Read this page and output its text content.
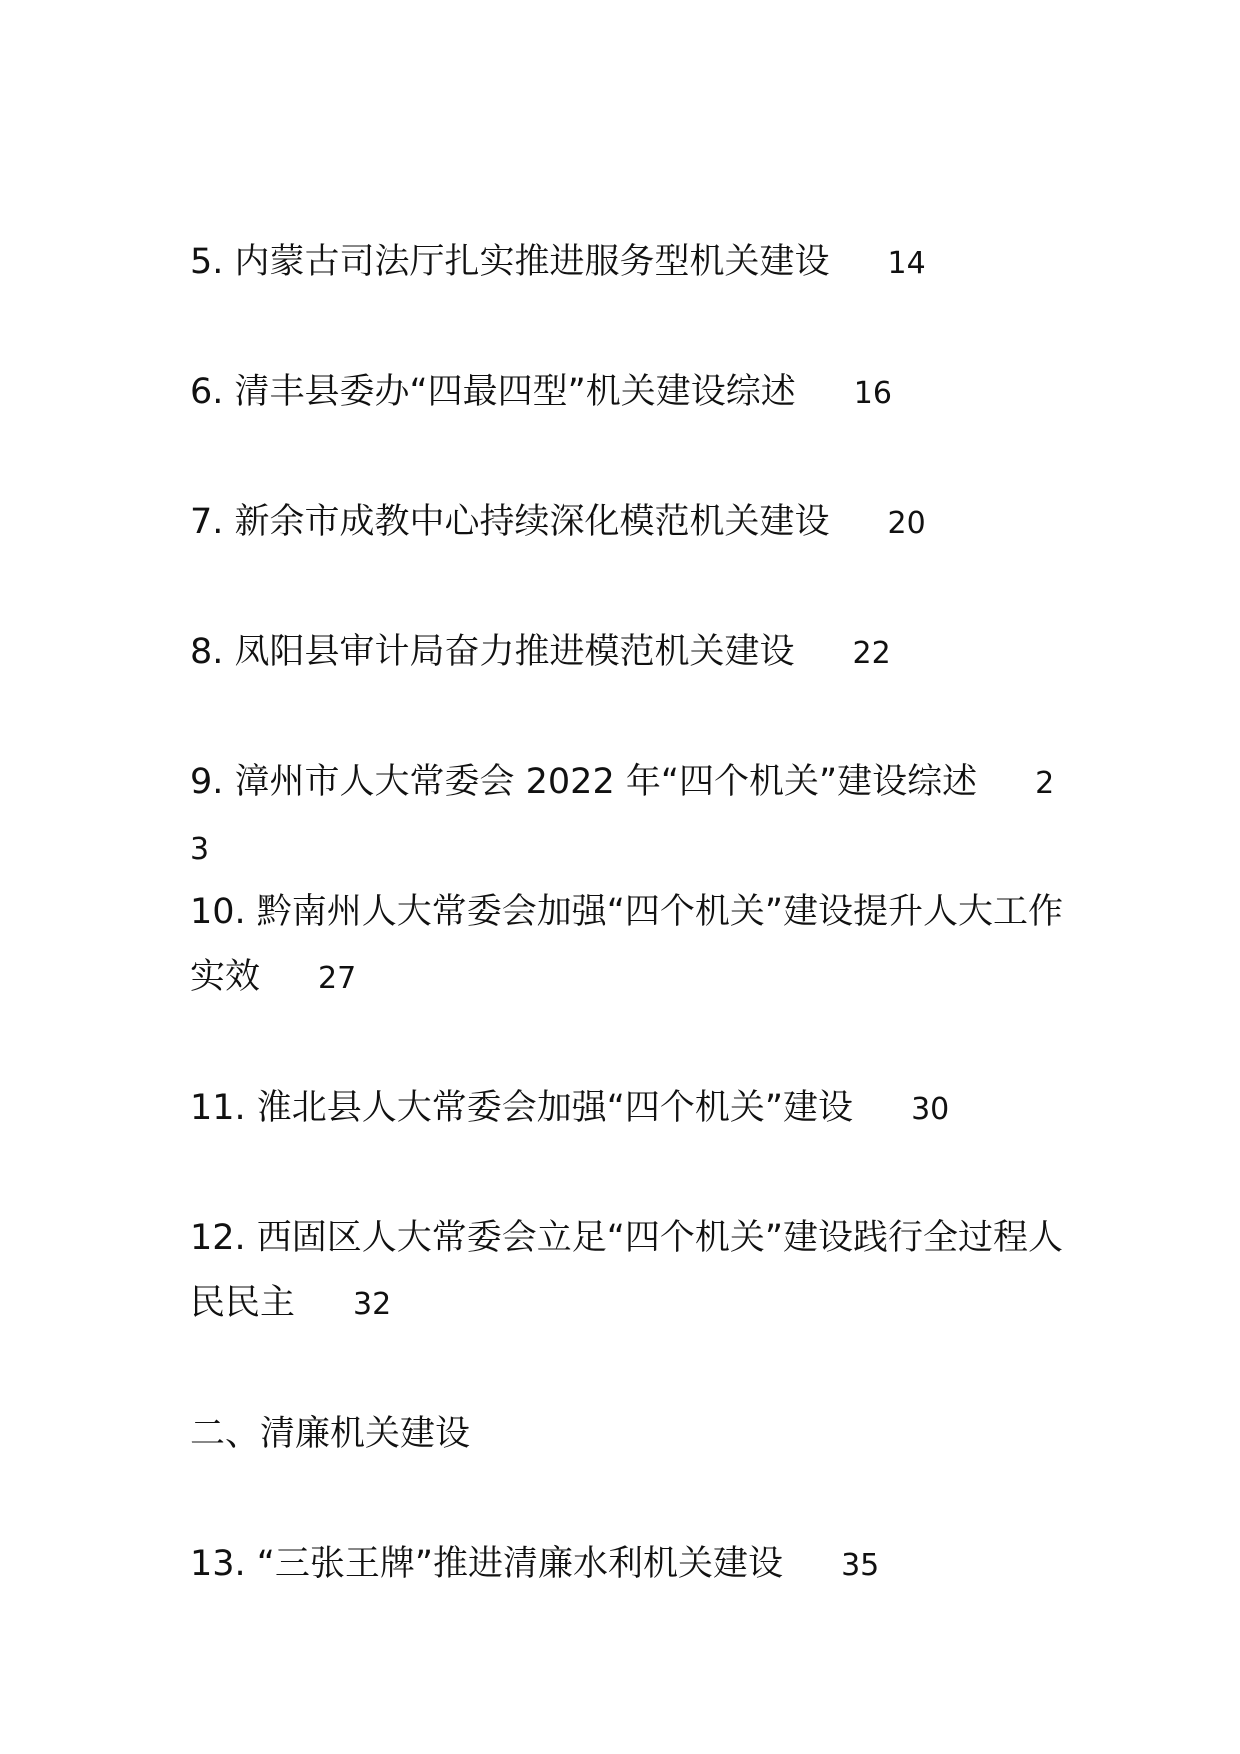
5. 内蒙古司法厅扎实推进服务型机关建设 14

6. 清丰县委办“四最四型”机关建设综述 16

7. 新余市成教中心持续深化模范机关建设 20

8. 凤阳县审计局奋力推进模范机关建设 22

9. 漳州市人大常委会 2022 年“四个机关”建设综述 23

10. 黔南州人大常委会加强“四个机关”建设提升人大工作实效 27

11. 淮北县人大常委会加强“四个机关”建设 30

12. 西固区人大常委会立足“四个机关”建设践行全过程人民民主 32

二、清廉机关建设

13. “三张王牌”推进清廉水利机关建设 35
